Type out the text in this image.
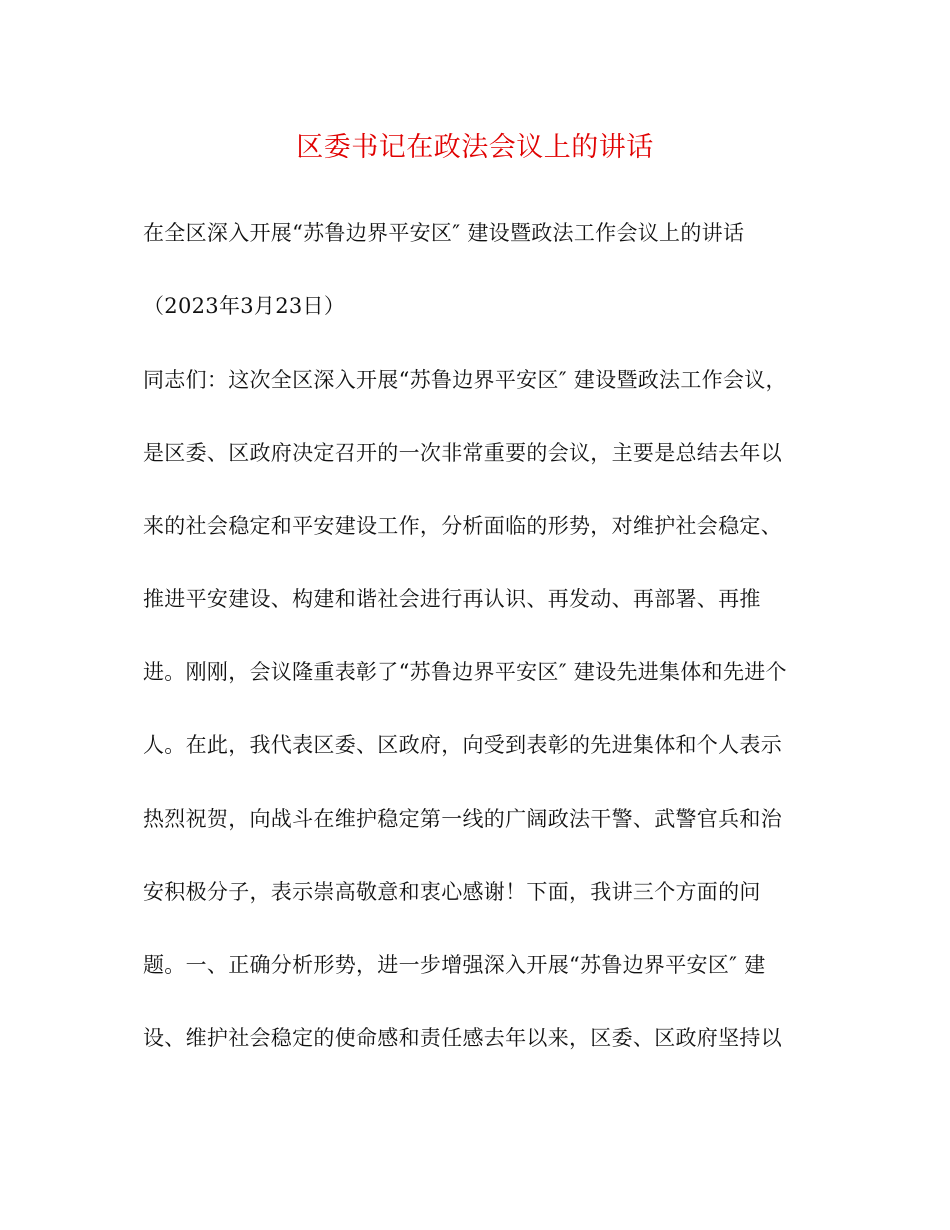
区委书记在政法会议上的讲话
在全区深入开展“苏鲁边界平安区″ 建设暨政法工作会议上的讲话
（2023年3月23日）
同志们：这次全区深入开展“苏鲁边界平安区″ 建设暨政法工作会议，
是区委、区政府决定召开的一次非常重要的会议，主要是总结去年以
来的社会稳定和平安建设工作，分析面临的形势，对维护社会稳定、
推进平安建设、构建和谐社会进行再认识、再发动、再部署、再推
进。刚刚，会议隆重表彰了“苏鲁边界平安区″ 建设先进集体和先进个
人。在此，我代表区委、区政府，向受到表彰的先进集体和个人表示
热烈祝贺，向战斗在维护稳定第一线的广阔政法干警、武警官兵和治
安积极分子，表示崇高敬意和衷心感谢！下面，我讲三个方面的问
题。一、正确分析形势，进一步增强深入开展“苏鲁边界平安区″ 建
设、维护社会稳定的使命感和责任感去年以来，区委、区政府坚持以
